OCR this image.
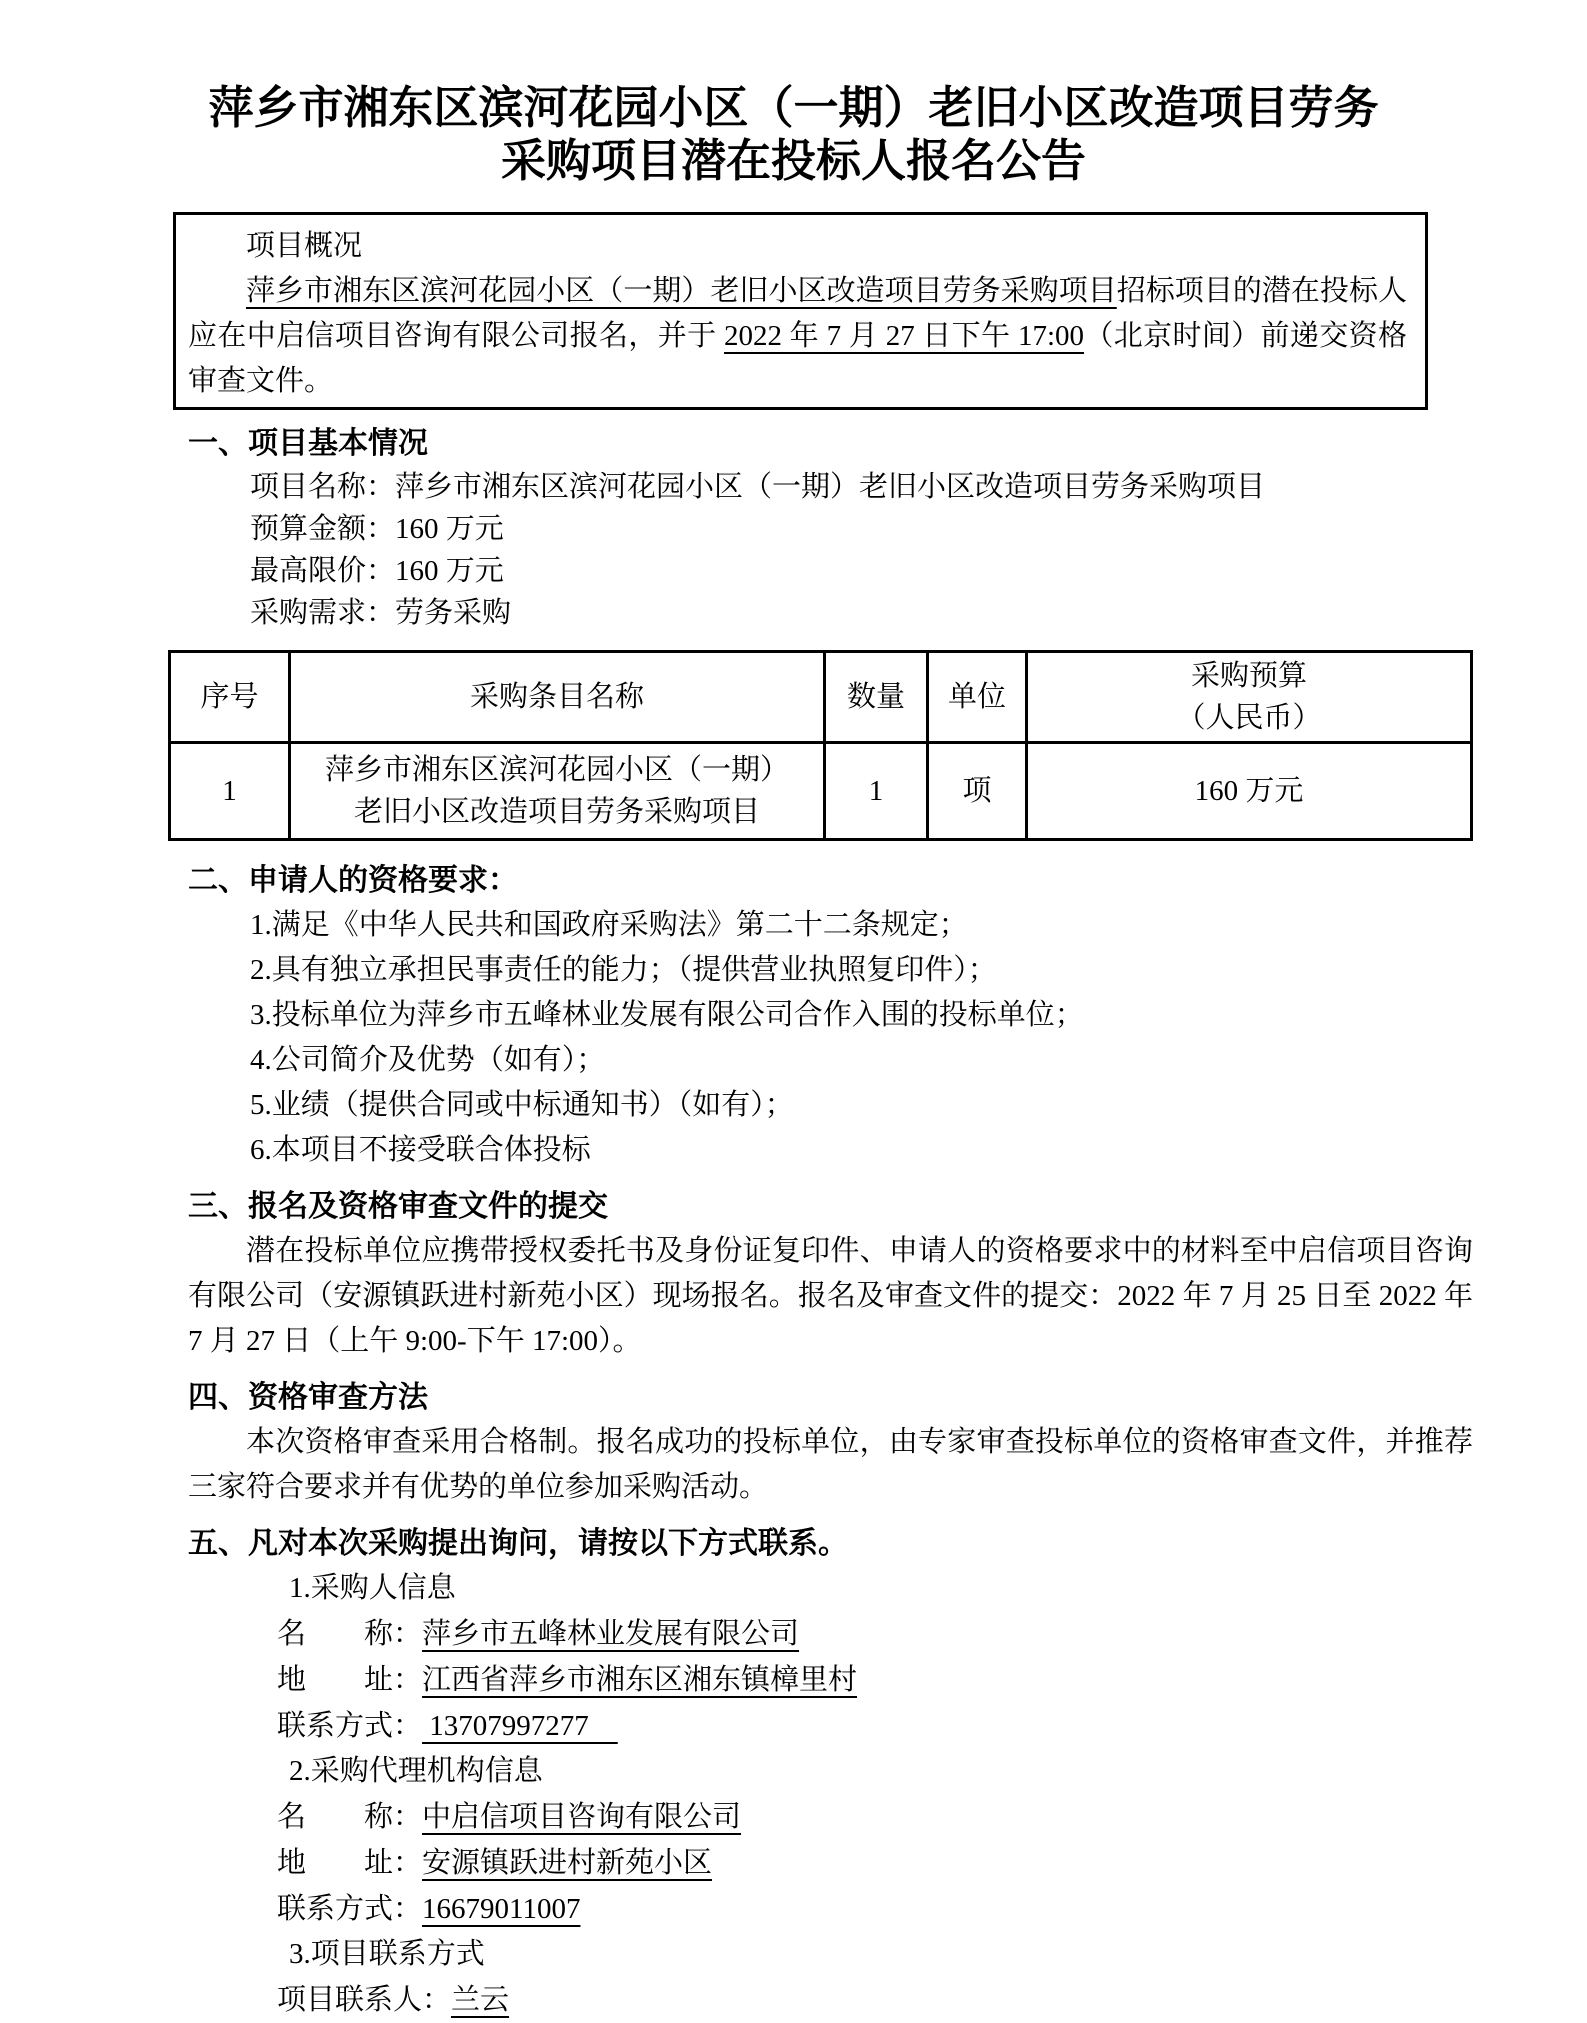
萍乡市湘东区滨河花园小区（一期）老旧小区改造项目劳务
采购项目潜在投标人报名公告
项目概况
萍乡市湘东区滨河花园小区（一期）老旧小区改造项目劳务采购项目招标项目的潜在投标人应在中启信项目咨询有限公司报名，并于 2022 年 7 月 27 日下午 17:00（北京时间）前递交资格审查文件。
一、项目基本情况
项目名称：萍乡市湘东区滨河花园小区（一期）老旧小区改造项目劳务采购项目
预算金额：160 万元
最高限价：160 万元
采购需求：劳务采购
序号	采购条目名称	数量	单位	采购预算
（人民币）
1	萍乡市湘东区滨河花园小区（一期）
老旧小区改造项目劳务采购项目	1	项	160 万元
二、申请人的资格要求：
1.满足《中华人民共和国政府采购法》第二十二条规定；
2.具有独立承担民事责任的能力；（提供营业执照复印件）；
3.投标单位为萍乡市五峰林业发展有限公司合作入围的投标单位；
4.公司简介及优势（如有）；
5.业绩（提供合同或中标通知书）（如有）；
6.本项目不接受联合体投标
三、报名及资格审查文件的提交
潜在投标单位应携带授权委托书及身份证复印件、申请人的资格要求中的材料至中启信项目咨询有限公司（安源镇跃进村新苑小区）现场报名。报名及审查文件的提交：2022 年 7 月 25 日至 2022 年 7 月 27 日（上午 9:00-下午 17:00）。
四、资格审查方法
本次资格审查采用合格制。报名成功的投标单位，由专家审查投标单位的资格审查文件，并推荐三家符合要求并有优势的单位参加采购活动。
五、凡对本次采购提出询问，请按以下方式联系。
1.采购人信息
名　　称：萍乡市五峰林业发展有限公司
地　　址：江西省萍乡市湘东区湘东镇樟里村
联系方式： 13707997277
2.采购代理机构信息
名　　称：中启信项目咨询有限公司
地　　址：安源镇跃进村新苑小区
联系方式：16679011007
3.项目联系方式
项目联系人：兰云
